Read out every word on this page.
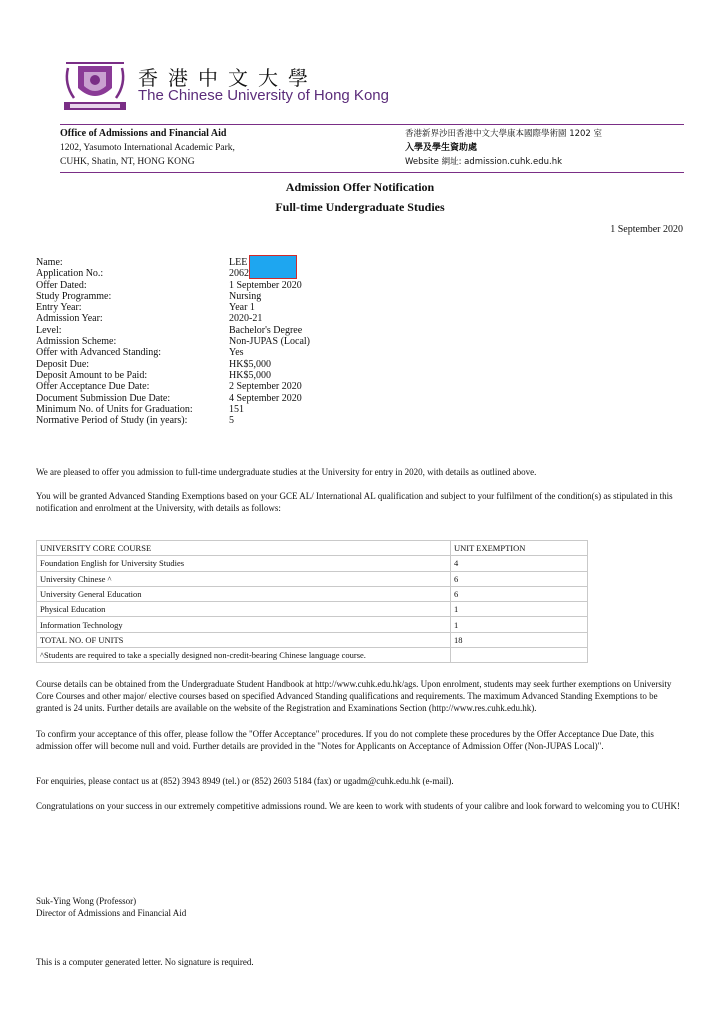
香港中文大學
The Chinese University of Hong Kong
Office of Admissions and Financial Aid
1202, Yasumoto International Academic Park,
CUHK, Shatin, NT, HONG KONG
香港新界沙田香港中文大學康本國際學術園 1202 室
入學及學生資助處
Website 網址: admission.cuhk.edu.hk
Admission Offer Notification
Full-time Undergraduate Studies
1 September 2020
Name:	LEE
Application No.:	2062
Offer Dated:	1 September 2020
Study Programme:	Nursing
Entry Year:	Year 1
Admission Year:	2020-21
Level:	Bachelor's Degree
Admission Scheme:	Non-JUPAS (Local)
Offer with Advanced Standing:	Yes
Deposit Due:	HK$5,000
Deposit Amount to be Paid:	HK$5,000
Offer Acceptance Due Date:	2 September 2020
Document Submission Due Date:	4 September 2020
Minimum No. of Units for Graduation:	151
Normative Period of Study (in years):	5
We are pleased to offer you admission to full-time undergraduate studies at the University for entry in 2020, with details as outlined above.
You will be granted Advanced Standing Exemptions based on your GCE AL/ International AL qualification and subject to your fulfilment of the condition(s) as stipulated in this notification and enrolment at the University, with details as follows:
UNIVERSITY CORE COURSE	UNIT EXEMPTION
Foundation English for University Studies	4
University Chinese ^	6
University General Education	6
Physical Education	1
Information Technology	1
TOTAL NO. OF UNITS	18
^Students are required to take a specially designed non-credit-bearing Chinese language course.	
Course details can be obtained from the Undergraduate Student Handbook at http://www.cuhk.edu.hk/ags. Upon enrolment, students may seek further exemptions on University Core Courses and other major/ elective courses based on specified Advanced Standing qualifications and requirements. The maximum Advanced Standing Exemptions to be granted is 24 units. Further details are available on the website of the Registration and Examinations Section (http://www.res.cuhk.edu.hk).
To confirm your acceptance of this offer, please follow the "Offer Acceptance" procedures. If you do not complete these procedures by the Offer Acceptance Due Date, this admission offer will become null and void. Further details are provided in the "Notes for Applicants on Acceptance of Admission Offer (Non-JUPAS Local)".
For enquiries, please contact us at (852) 3943 8949 (tel.) or (852) 2603 5184 (fax) or ugadm@cuhk.edu.hk (e-mail).
Congratulations on your success in our extremely competitive admissions round. We are keen to work with students of your calibre and look forward to welcoming you to CUHK!
Suk-Ying Wong (Professor)
Director of Admissions and Financial Aid
This is a computer generated letter. No signature is required.
